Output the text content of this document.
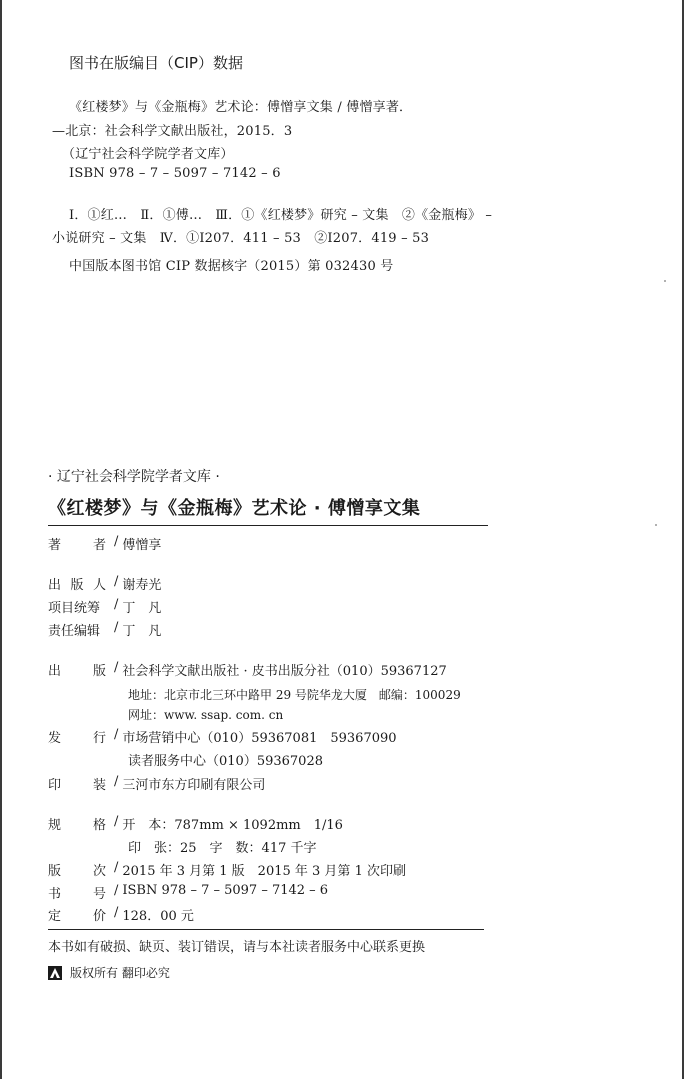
图书在版编目（CIP）数据
《红楼梦》与《金瓶梅》艺术论：傅憎享文集 / 傅憎享著．
—北京：社会科学文献出版社，2015．3
（辽宁社会科学院学者文库）
ISBN 978 – 7 – 5097 – 7142 – 6
Ⅰ．①红…　Ⅱ．①傅…　Ⅲ．①《红楼梦》研究 – 文集　②《金瓶梅》 –
小说研究 – 文集　Ⅳ．①I207．411 – 53　②I207．419 – 53
中国版本图书馆 CIP 数据核字（2015）第 032430 号
· 辽宁社会科学院学者文库 ·
《红楼梦》与《金瓶梅》艺术论 · 傅憎享文集
著 者 / 傅憎享
出 版 人 / 谢寿光
项目统筹	/ 丁　凡
责任编辑	/ 丁　凡
出 版 / 社会科学文献出版社 · 皮书出版分社（010）59367127
地址：北京市北三环中路甲 29 号院华龙大厦　邮编：100029
网址：www. ssap. com. cn
发 行 / 市场营销中心（010）59367081　59367090
读者服务中心（010）59367028
印 装 / 三河市东方印刷有限公司
规 格 / 开　本：787mm × 1092mm　1/16
印　张：25　字　数：417 千字
版 次 / 2015 年 3 月第 1 版　2015 年 3 月第 1 次印刷
书 号 / ISBN 978 – 7 – 5097 – 7142 – 6
定 价 / 128．00 元
本书如有破损、缺页、装订错误，请与本社读者服务中心联系更换
版权所有 翻印必究
